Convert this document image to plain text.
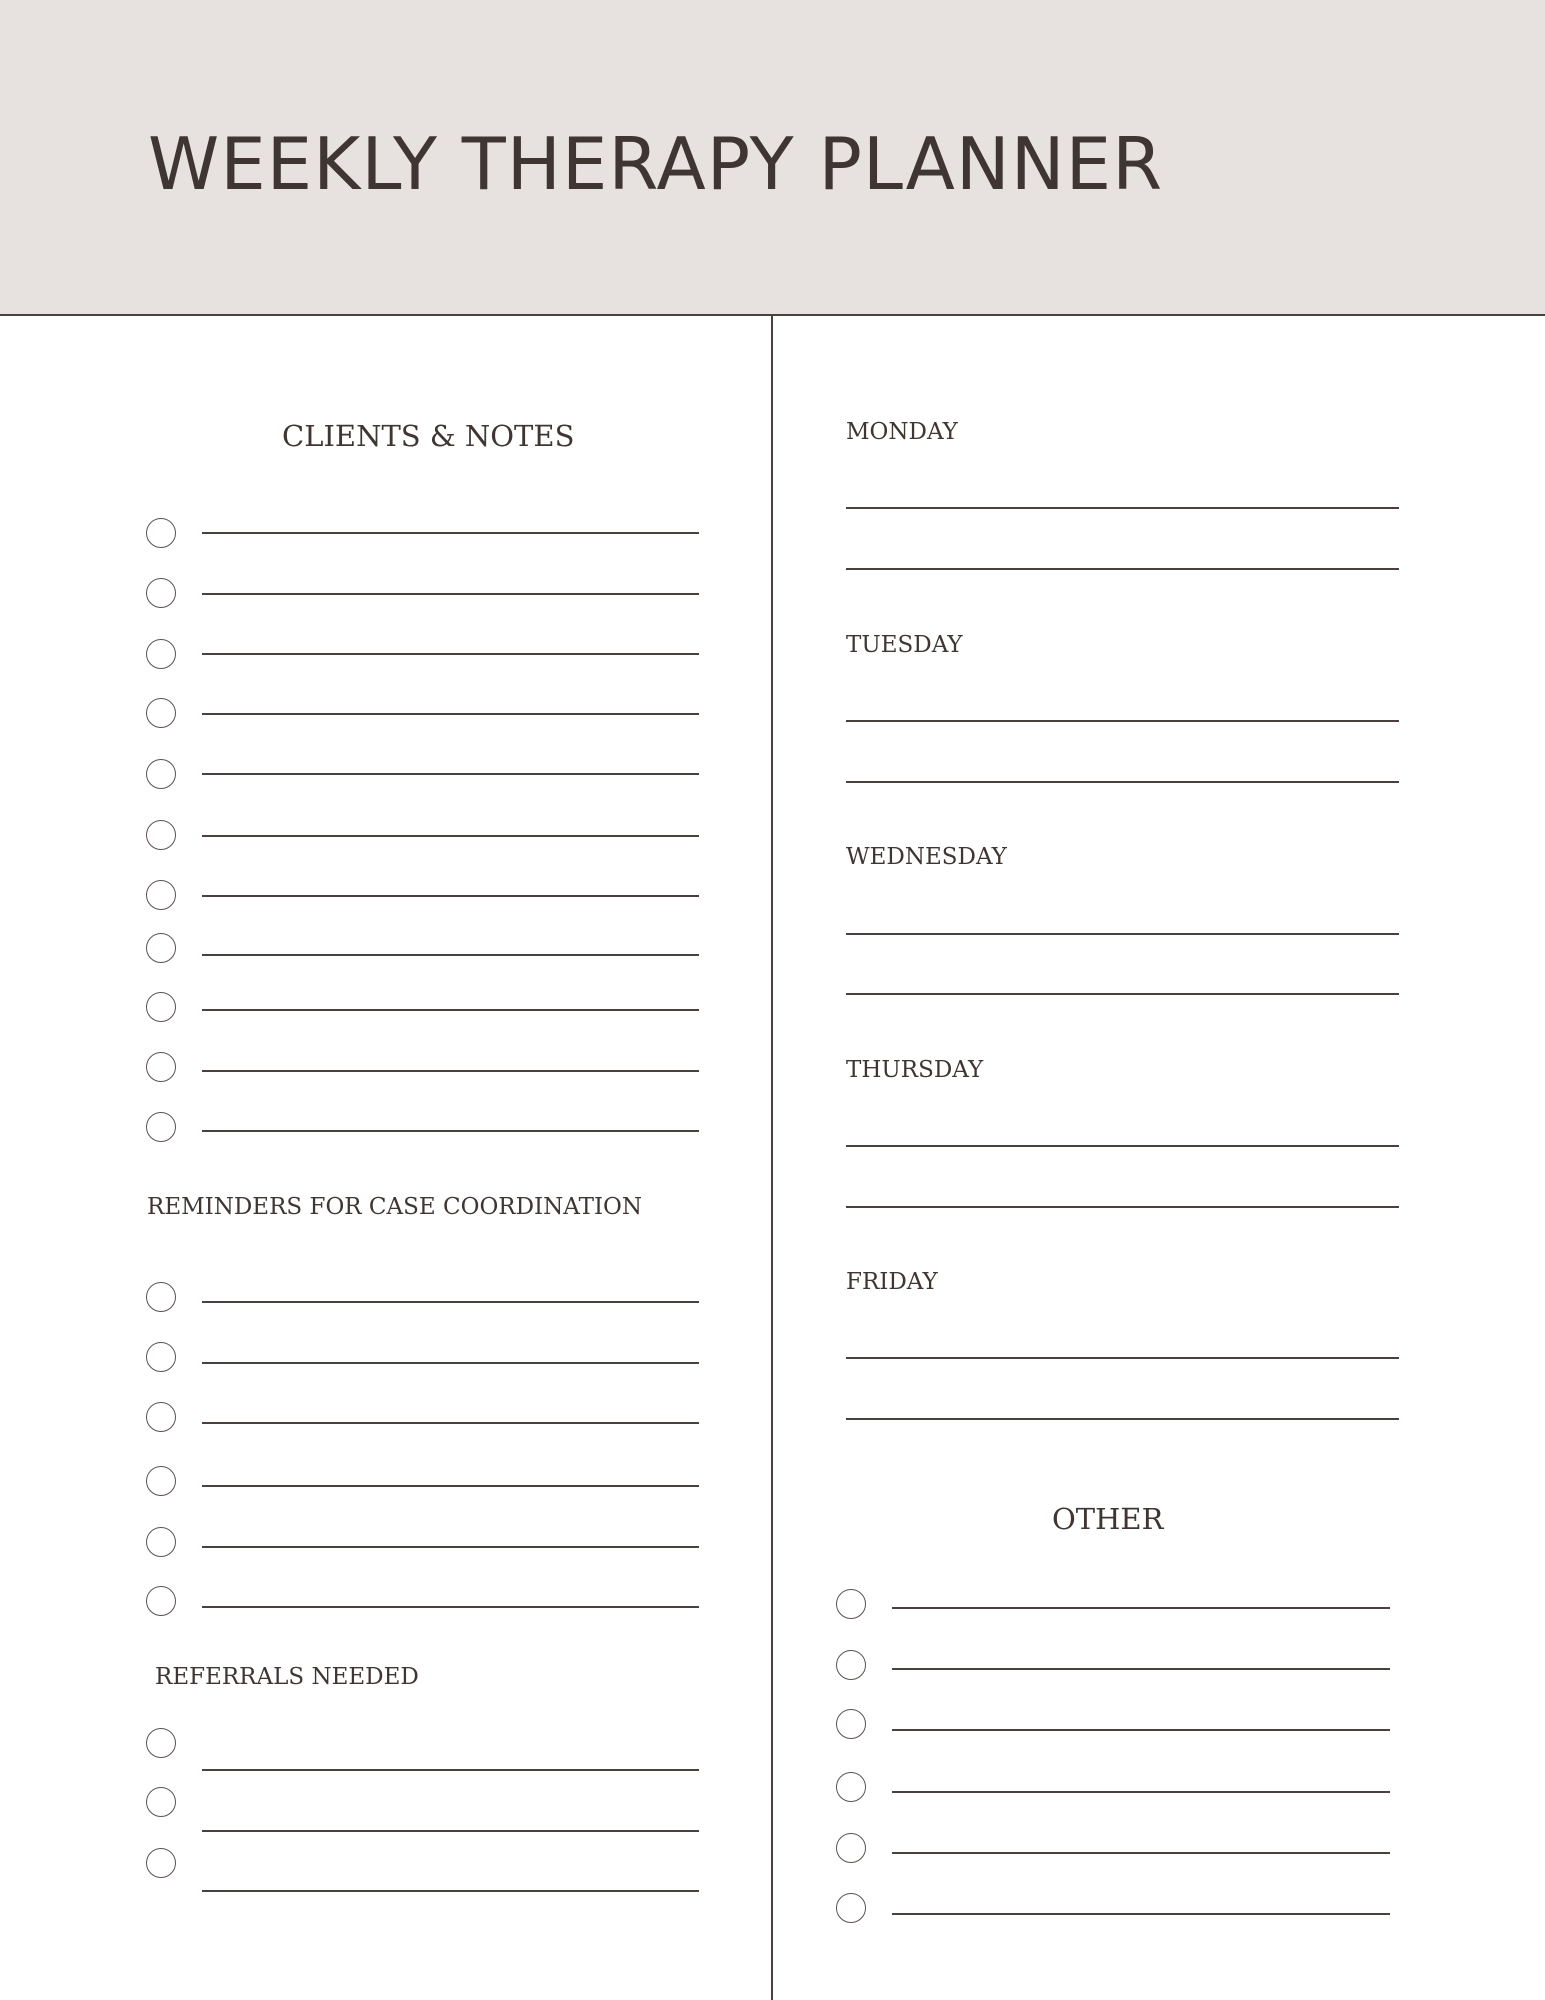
WEEKLY THERAPY PLANNER
CLIENTS & NOTES
REMINDERS FOR CASE COORDINATION
REFERRALS NEEDED
MONDAY
TUESDAY
WEDNESDAY
THURSDAY
FRIDAY
OTHER
